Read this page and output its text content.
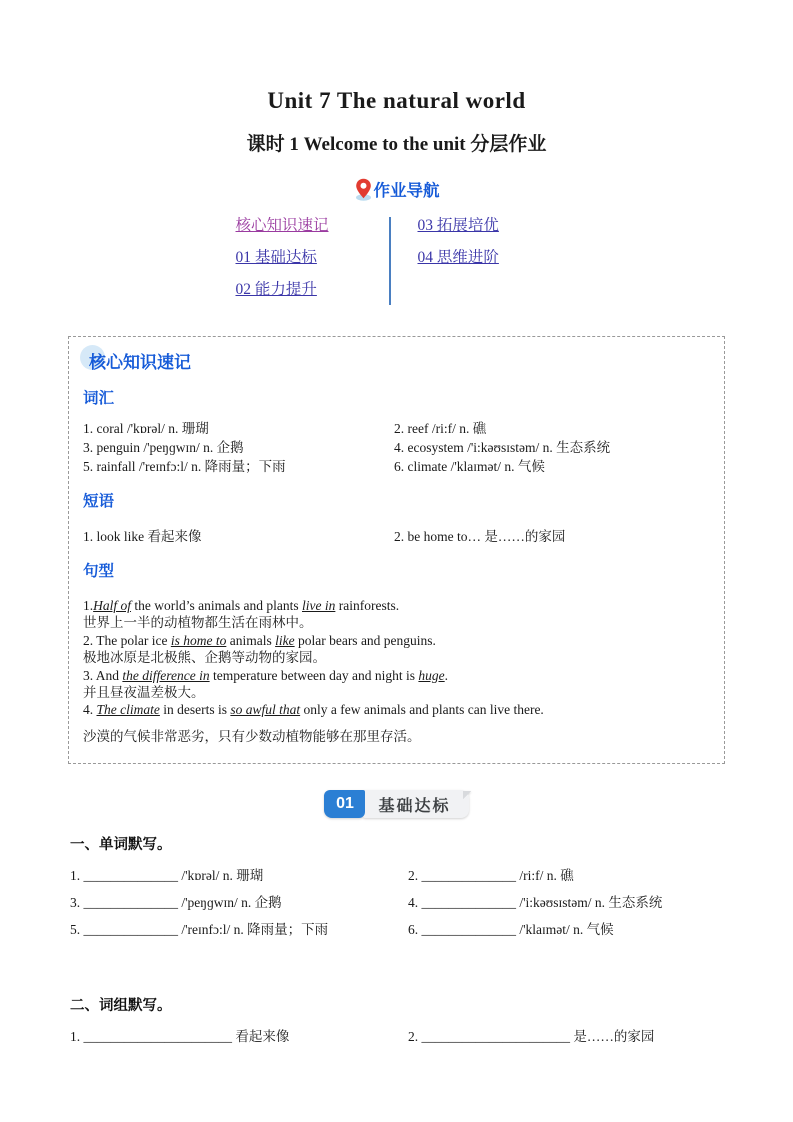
Unit 7 The natural world
课时 1 Welcome to the unit 分层作业
作业导航
核心知识速记
01 基础达标
02 能力提升
03 拓展培优
04 思维进阶
核心知识速记
词汇
1. coral /'kɒrəl/ n. 珊瑚	2. reef /ri:f/ n. 礁
3. penguin /'peŋɡwɪn/ n. 企鹅	4. ecosystem /'i:kəʊsɪstəm/ n. 生态系统
5. rainfall /'reɪnfɔ:l/ n. 降雨量；下雨	6. climate /'klaɪmət/ n. 气候
短语
1. look like 看起来像	2. be home to… 是……的家园
句型

1.Half of the world’s animals and plants live in rainforests.

世界上一半的动植物都生活在雨林中。

2. The polar ice is home to animals like polar bears and penguins.

极地冰原是北极熊、企鹅等动物的家园。

3. And the difference in temperature between day and night is huge.

并且昼夜温差极大。

4. The climate in deserts is so awful that only a few animals and plants can live there.

沙漠的气候非常恶劣，只有少数动植物能够在那里存活。

01	基础达标
一、单词默写。
1. ______________ /'kɒrəl/ n. 珊瑚	2. ______________ /ri:f/ n. 礁
3. ______________ /'peŋɡwɪn/ n. 企鹅	4. ______________ /'i:kəʊsɪstəm/ n. 生态系统
5. ______________ /'reɪnfɔ:l/ n. 降雨量；下雨	6. ______________ /'klaɪmət/ n. 气候
二、词组默写。
1. ______________________ 看起来像	2. ______________________ 是……的家园
